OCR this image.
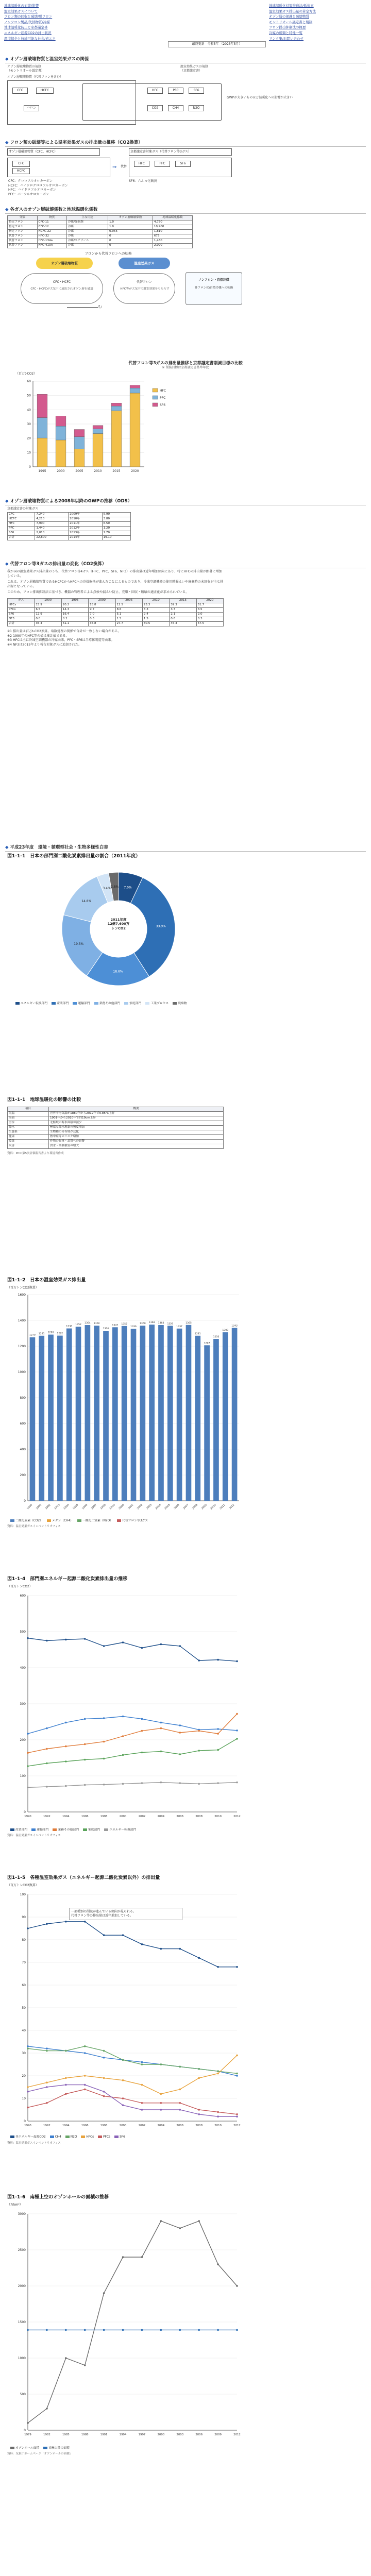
地球温暖化の対策/影響
温室効果ガスについて
フロン類の回収と破壊/脱フロン
ノンフロン製品/代替物質/冷媒
地球温暖化防止と京都議定書
エネルギー起源CO2の排出状況
環境保全と持続可能な社会/省エネ
地球温暖化対策推進法/低炭素
温室効果ガス排出量の算定方法
オゾン層の保護と破壊物質
モントリオール議定書と規制
フロン排出抑制法の概要
冷媒の種類と特性一覧
リンク集/お問い合わせ
最終更新　令和5年 （2023年5月）
◆ オゾン層破壊物質と温室効果ガスの関係
オゾン層破壊物質の規制
（モントリオール議定書）
温室効果ガスの規制
（京都議定書）
オゾン層破壊物質（代替フロンを含む）
CFC	HCFC
ハロン
HFC	PFC	SF6
CO2	CH4	N2O
GWPが大きいものほど温暖化への影響が大きい
◆ フロン類の破壊等による温室効果ガスの排出量の推移（CO2換算）
オゾン層破壊物質（CFC、HCFC）
CFC
HCFC
⇒ 代替
京都議定書対象ガス（代替フロン等3ガス）
HFC	PFC	SF6
CFC：クロロフルオロカーボン
HCFC：ハイドロクロロフルオロカーボン
HFC：ハイドロフルオロカーボン
PFC：パーフルオロカーボン
SF6：六ふっ化硫黄
◆ 各ガスのオゾン層破壊係数と地球温暖化係数
分類	物質	主な用途	オゾン層破壊係数	地球温暖化係数
特定フロン	CFC-11	冷媒/発泡剤	1.0	4,750
特定フロン	CFC-12	冷媒	1.0	10,900
指定フロン	HCFC-22	冷媒	0.055	1,810
代替フロン	HFC-32	冷媒	0	675
代替フロン	HFC-134a	冷媒/エアゾール	0	1,430
代替フロン	HFC-410A	冷媒	0	2,090
フロンから代替フロンへの転換
オゾン層破壊物質	温室効果ガス
CFC・HCFC
CFC・HCFCが大気中に放出されオゾン層を破壊
代替フロン
HFC等が大気中で温室効果をもたらす
ノンフロン・自然冷媒
非フロン化/自然冷媒への転換
↻
代替フロン等3ガスの排出量推移と京都議定書削減目標の比較
※ 削減目標は京都議定書基準年比
（百万t-CO2）
0
10
20
30
40
50
60
1995	2000	2005	2010	2015	2020
HFC
PFC
SF6
◆ オゾン層破壊物質による2008年以降のGWPの推移（ODS）
京都議定書の対象ガス
CFC	7,240	2009年	5.90
HCFC	4,210	2010年	3.80
HFC	7,900	2011年	6.50
PFC	1,440	2012年	1.20
SF6	2,010	2013年	1.70
合計	22,800	2014年	19.10
◆ 代替フロン等3ガスの排出量の変化（CO2換算）

我が国の温室効果ガス排出量のうち、代替フロン等4ガス（HFC、PFC、SF6、NF3）の排出量は近年増加傾向にあり、特にHFCの排出量が顕著に増加している。

これは、オゾン層破壊物質であるHCFCからHFCへの冷媒転換が進んだことによるものであり、冷凍空調機器の使用時漏えいや廃棄時の未回収が主な排出源となっている。

このため、フロン排出抑制法に基づき、機器の管理者による点検や漏えい防止、充塡・回収・破壊の適正化が求められている。

ガス	1990	1995	2000	2005	2010	2015	2020
HFCs	15.9	20.2	18.8	12.5	23.3	39.3	51.7
PFCs	6.5	14.3	9.7	8.6	3.3	3.3	3.5
SF6	12.9	16.4	7.0	5.1	2.4	2.1	2.0
NF3	0.0	0.2	0.3	1.5	1.5	0.6	0.3
合計	35.4	51.1	35.8	27.7	30.5	45.3	57.5
※1 排出量は百万t-CO2換算。端数処理の関係で合計が一致しない場合がある。
※2 1990年のHFC等の値は推計値である。
※3 HFCは主に冷凍空調機器の冷媒由来、PFC・SF6は半導体製造等由来。
※4 NF3は2015年より報告対象ガスに追加された。
◆ 平成23年度　環境・循環型社会・生物多様性白書
図1-1-1　日本の部門別二酸化炭素排出量の割合（2011年度）
7.0%
33.9%
18.6%
19.5%
14.8%
3.4% 2.8%
2011年度
12億7,600万
トンCO2
エネルギー転換部門	産業部門	運輸部門	業務その他部門	家庭部門	工業プロセス	廃棄物
図1-1-1　地球温暖化の影響の比較
項目	概要
気温	世界平均気温が1880年から2012年で0.85℃上昇
海面	1901年から2010年で約19cm上昇
雪氷	北極域の海氷面積が減少
降水	極端な降水現象の頻度増加
生態系	生物種の分布域が変化
健康	熱中症等のリスク増加
農業	作物の収量・品質への影響
災害	洪水・高潮被害の増大
資料：IPCC第5次評価報告書より環境省作成
図1-1-2　日本の温室効果ガス排出量
（百万トンCO2換算）
0
200
400
600
800
1000
1200
1400
1600
1270
1990
1281
1991
1290
1992
1282
1993
1338
1994
1352
1995
1364
1996
1360
1997
1320
1998
1347
1999
1357
2000
1336
2001
1360
2002
1368
2003
1364
2004
1359
2005
1337
2006
1365
2007
1281
2008
1207
2009
1256
2010
1308
2011
1343
2012
二酸化炭素（CO2）	メタン（CH4）	一酸化二窒素（N2O）	代替フロン等3ガス
資料：温室効果ガスインベントリオフィス
図1-1-4　部門別エネルギー起源二酸化炭素排出量の推移
（百万トンCO2）
0
100
200
300
400
500
600
1990	1992	1994	1996	1998	2000	2002	2004	2006	2008	2010	2012
産業部門	運輸部門	業務その他部門	家庭部門	エネルギー転換部門
資料：温室効果ガスインベントリオフィス
図1-1-5　各種温室効果ガス（エネルギー起源二酸化炭素以外）の排出量
（百万トンCO2換算）
0
10
20
30
40
50
60
70
80
90
100
1990	1992	1994	1996	1998	2000	2002	2004	2006	2008	2010	2012
一部種別の削減が進んでいる傾向が見られる。
代替フロン等の排出量は近年増加している。
非エネルギー起源CO2	CH4	N2O	HFCs	PFCs	SF6
資料：温室効果ガスインベントリオフィス
図1-1-6　南極上空のオゾンホールの面積の推移
（万km²）
0
500
1000
1500
2000
2500
3000
1979	1982	1985	1988	1991	1994	1997	2000	2003	2006	2009	2012
オゾンホール面積	南極大陸の面積
資料：気象庁ホームページ「オゾンホールの面積」
